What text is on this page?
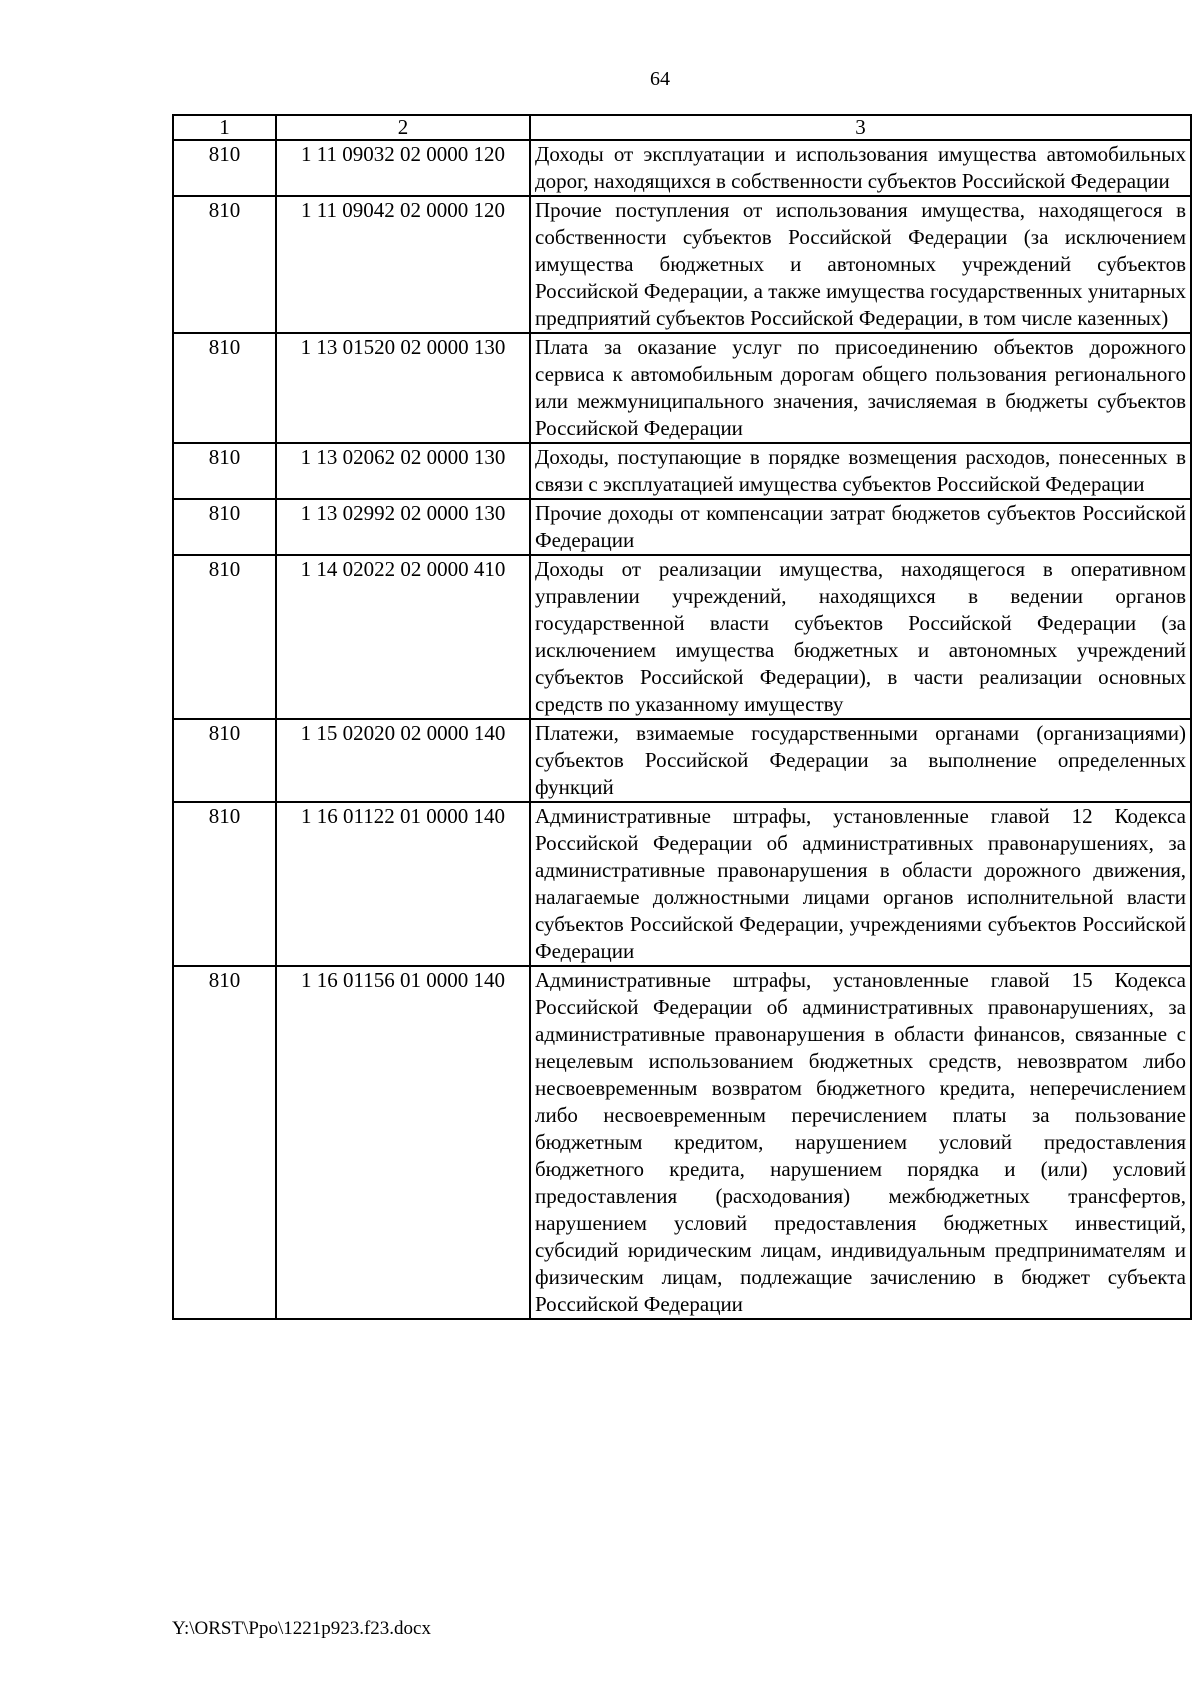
64
1	2	3
810	1 11 09032 02 0000 120	Доходы от эксплуатации и использования имущества автомобильных дорог, находящихся в собственности субъектов Российской Федерации
810	1 11 09042 02 0000 120	Прочие поступления от использования имущества, находящегося в собственности субъектов Российской Федерации (за исключением имущества бюджетных и автономных учреждений субъектов Российской Федерации, а также имущества государственных унитарных предприятий субъектов Российской Федерации, в том числе казенных)
810	1 13 01520 02 0000 130	Плата за оказание услуг по присоединению объектов дорожного сервиса к автомобильным дорогам общего пользования регионального или межмуниципального значения, зачисляемая в бюджеты субъектов Российской Федерации
810	1 13 02062 02 0000 130	Доходы, поступающие в порядке возмещения расходов, понесенных в связи с эксплуатацией имущества субъектов Российской Федерации
810	1 13 02992 02 0000 130	Прочие доходы от компенсации затрат бюджетов субъектов Российской Федерации
810	1 14 02022 02 0000 410	Доходы от реализации имущества, находящегося в оперативном управлении учреждений, находящихся в ведении органов государственной власти субъектов Российской Федерации (за исключением имущества бюджетных и автономных учреждений субъектов Российской Федерации), в части реализации основных средств по указанному имуществу
810	1 15 02020 02 0000 140	Платежи, взимаемые государственными органами (организациями) субъектов Российской Федерации за выполнение определенных функций
810	1 16 01122 01 0000 140	Административные штрафы, установленные главой 12 Кодекса Российской Федерации об административных правонарушениях, за административные правонарушения в области дорожного движения, налагаемые должностными лицами органов исполнительной власти субъектов Российской Федерации, учреждениями субъектов Российской Федерации
810	1 16 01156 01 0000 140	Административные штрафы, установленные главой 15 Кодекса Российской Федерации об административных правонарушениях, за административные правонарушения в области финансов, связанные с нецелевым использованием бюджетных средств, невозвратом либо несвоевременным возвратом бюджетного кредита, неперечислением либо несвоевременным перечислением платы за пользование бюджетным кредитом, нарушением условий предоставления бюджетного кредита, нарушением порядка и (или) условий предоставления (расходования) межбюджетных трансфертов, нарушением условий предоставления бюджетных инвестиций, субсидий юридическим лицам, индивидуальным предпринимателям и физическим лицам, подлежащие зачислению в бюджет субъекта Российской Федерации
Y:\ORST\Ppo\1221p923.f23.docx
